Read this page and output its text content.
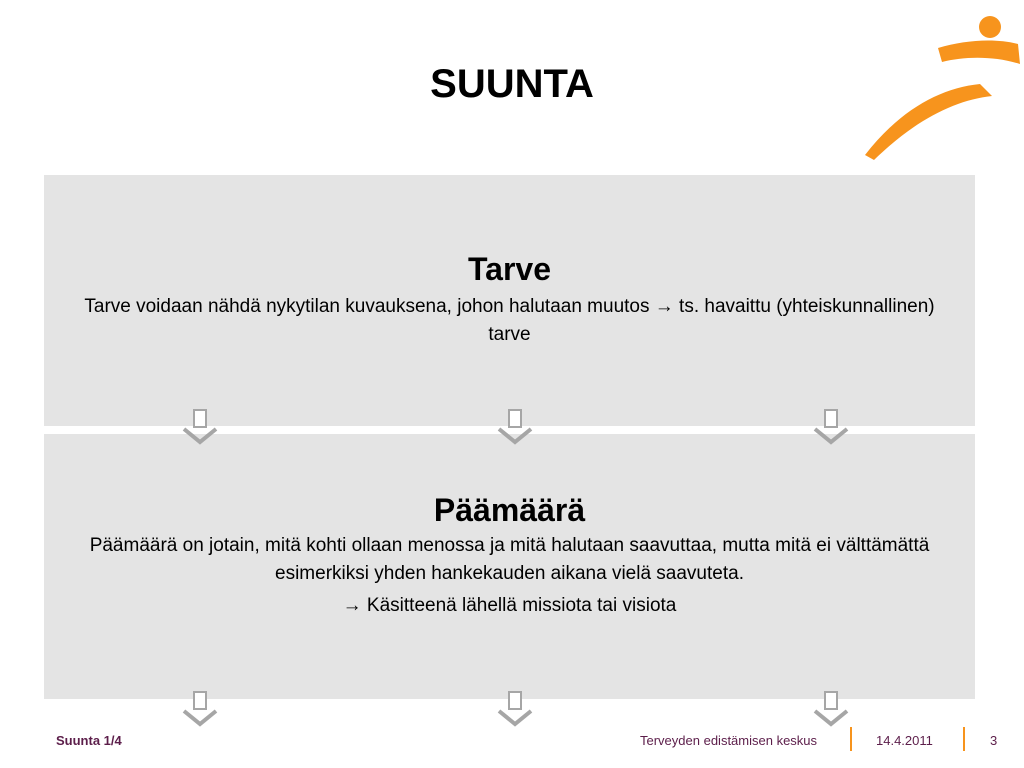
SUUNTA

Tarve

Tarve voidaan nähdä nykytilan kuvauksena, johon halutaan muutos → ts. havaittu (yhteiskunnallinen) tarve

Päämäärä

Päämäärä on jotain, mitä kohti ollaan menossa ja mitä halutaan saavuttaa, mutta mitä ei välttämättä esimerkiksi yhden hankekauden aikana vielä saavuteta.

→ Käsitteenä lähellä missiota tai visiota

Suunta 1/4	Terveyden edistämisen keskus	14.4.2011	3
